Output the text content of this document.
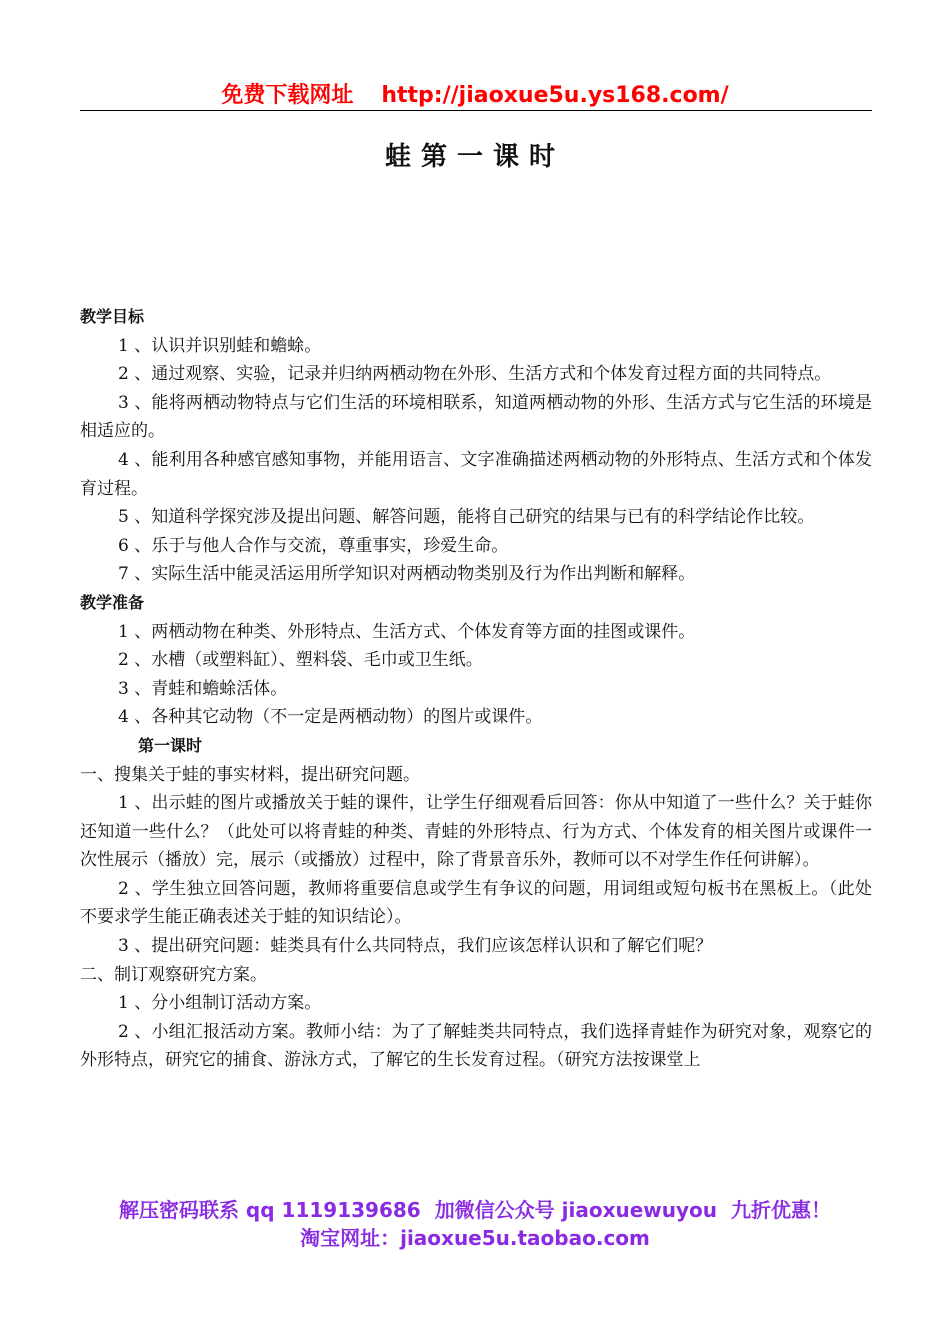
免费下载网址 http://jiaoxue5u.ys168.com/
蛙第一课时

教学目标

1 、认识并识别蛙和蟾蜍。

2 、通过观察、实验，记录并归纳两栖动物在外形、生活方式和个体发育过程方面的共同特点。

3 、能将两栖动物特点与它们生活的环境相联系，知道两栖动物的外形、生活方式与它生活的环境是相适应的。

4 、能利用各种感官感知事物，并能用语言、文字准确描述两栖动物的外形特点、生活方式和个体发育过程。

5 、知道科学探究涉及提出问题、解答问题，能将自己研究的结果与已有的科学结论作比较。

6 、乐于与他人合作与交流，尊重事实，珍爱生命。

7 、实际生活中能灵活运用所学知识对两栖动物类别及行为作出判断和解释。

教学准备

1 、两栖动物在种类、外形特点、生活方式、个体发育等方面的挂图或课件。

2 、水槽（或塑料缸）、塑料袋、毛巾或卫生纸。

3 、青蛙和蟾蜍活体。

4 、各种其它动物（不一定是两栖动物）的图片或课件。

第一课时

一、搜集关于蛙的事实材料，提出研究问题。

1 、出示蛙的图片或播放关于蛙的课件，让学生仔细观看后回答：你从中知道了一些什么？关于蛙你还知道一些什么？（此处可以将青蛙的种类、青蛙的外形特点、行为方式、个体发育的相关图片或课件一次性展示（播放）完，展示（或播放）过程中，除了背景音乐外，教师可以不对学生作任何讲解）。

2 、学生独立回答问题，教师将重要信息或学生有争议的问题，用词组或短句板书在黑板上。（此处不要求学生能正确表述关于蛙的知识结论）。

3 、提出研究问题：蛙类具有什么共同特点，我们应该怎样认识和了解它们呢？

二、制订观察研究方案。

1 、分小组制订活动方案。

2 、小组汇报活动方案。教师小结：为了了解蛙类共同特点，我们选择青蛙作为研究对象，观察它的外形特点，研究它的捕食、游泳方式，了解它的生长发育过程。（研究方法按课堂上

解压密码联系 qq 1119139686 加微信公众号 jiaoxuewuyou 九折优惠！
淘宝网址：jiaoxue5u.taobao.com
